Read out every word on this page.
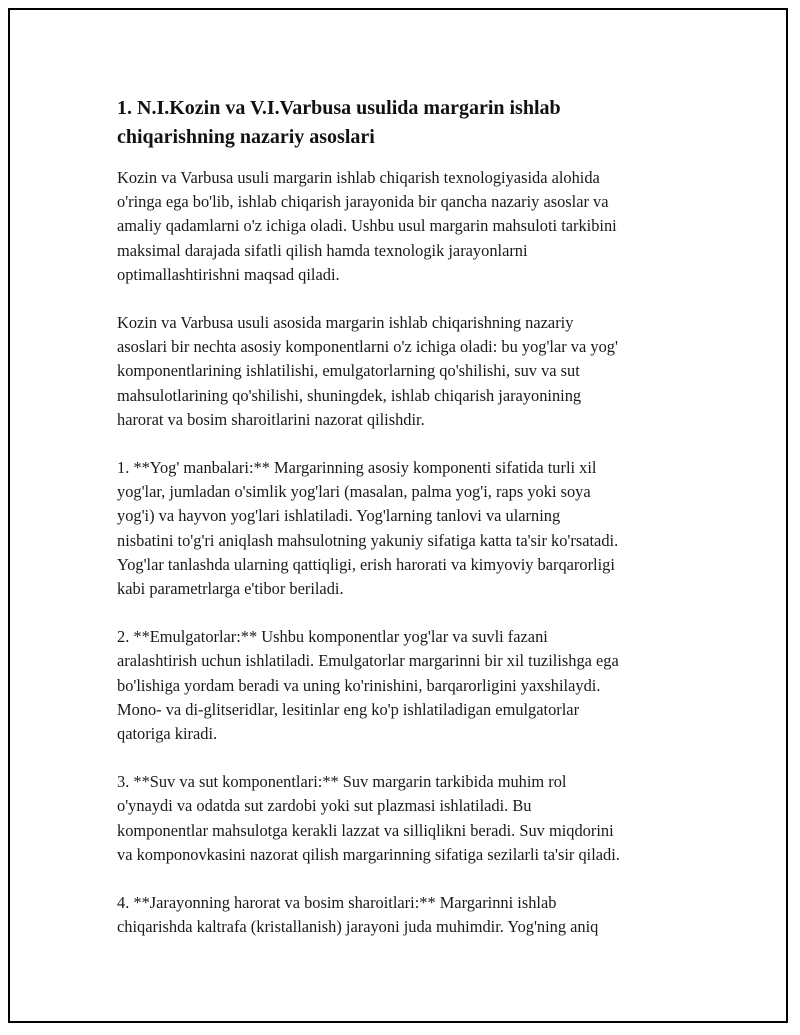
1. N.I.Kozin va V.I.Varbusa usulida margarin ishlab
chiqarishning nazariy asoslari

Kozin va Varbusa usuli margarin ishlab chiqarish texnologiyasida alohida
o'ringa ega bo'lib, ishlab chiqarish jarayonida bir qancha nazariy asoslar va
amaliy qadamlarni o'z ichiga oladi. Ushbu usul margarin mahsuloti tarkibini
maksimal darajada sifatli qilish hamda texnologik jarayonlarni
optimallashtirishni maqsad qiladi.

Kozin va Varbusa usuli asosida margarin ishlab chiqarishning nazariy
asoslari bir nechta asosiy komponentlarni o'z ichiga oladi: bu yog'lar va yog'
komponentlarining ishlatilishi, emulgatorlarning qo'shilishi, suv va sut
mahsulotlarining qo'shilishi, shuningdek, ishlab chiqarish jarayonining
harorat va bosim sharoitlarini nazorat qilishdir.

1. **Yog' manbalari:** Margarinning asosiy komponenti sifatida turli xil
yog'lar, jumladan o'simlik yog'lari (masalan, palma yog'i, raps yoki soya
yog'i) va hayvon yog'lari ishlatiladi. Yog'larning tanlovi va ularning
nisbatini to'g'ri aniqlash mahsulotning yakuniy sifatiga katta ta'sir ko'rsatadi.
Yog'lar tanlashda ularning qattiqligi, erish harorati va kimyoviy barqarorligi
kabi parametrlarga e'tibor beriladi.

2. **Emulgatorlar:** Ushbu komponentlar yog'lar va suvli fazani
aralashtirish uchun ishlatiladi. Emulgatorlar margarinni bir xil tuzilishga ega
bo'lishiga yordam beradi va uning ko'rinishini, barqarorligini yaxshilaydi.
Mono- va di-glitseridlar, lesitinlar eng ko'p ishlatiladigan emulgatorlar
qatoriga kiradi.

3. **Suv va sut komponentlari:** Suv margarin tarkibida muhim rol
o'ynaydi va odatda sut zardobi yoki sut plazmasi ishlatiladi. Bu
komponentlar mahsulotga kerakli lazzat va silliqlikni beradi. Suv miqdorini
va komponovkasini nazorat qilish margarinning sifatiga sezilarli ta'sir qiladi.

4. **Jarayonning harorat va bosim sharoitlari:** Margarinni ishlab
chiqarishda kaltrafa (kristallanish) jarayoni juda muhimdir. Yog'ning aniq
